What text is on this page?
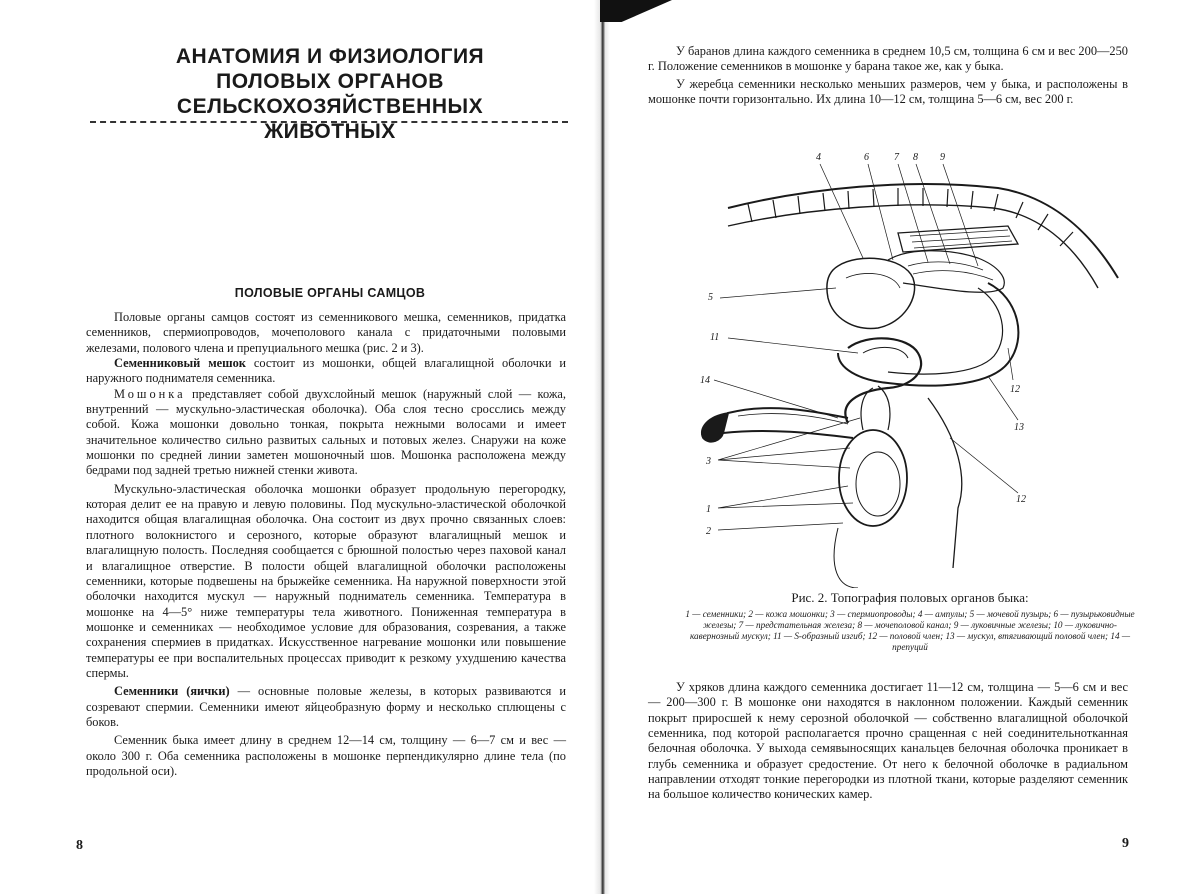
АНАТОМИЯ И ФИЗИОЛОГИЯ ПОЛОВЫХ ОРГАНОВ СЕЛЬСКОХОЗЯЙСТВЕННЫХ ЖИВОТНЫХ
ПОЛОВЫЕ ОРГАНЫ САМЦОВ

Половые органы самцов состоят из семенникового мешка, семенников, придатка семенников, спермиопроводов, мочеполового канала с придаточными половыми железами, полового члена и препуциального мешка (рис. 2 и 3).

Семенниковый мешок состоит из мошонки, общей влагалищной оболочки и наружного поднимателя семенника.

Мошонка представляет собой двухслойный мешок (наружный слой — кожа, внутренний — мускульно-эластическая оболочка). Оба слоя тесно сросслись между собой. Кожа мошонки довольно тонкая, покрыта нежными волосами и имеет значительное количество сильно развитых сальных и потовых желез. Снаружи на коже мошонки по средней линии заметен мошоночный шов. Мошонка расположена между бедрами под задней третью нижней стенки живота.

Мускульно-эластическая оболочка мошонки образует продольную перегородку, которая делит ее на правую и левую половины. Под мускульно-эластической оболочкой находится общая влагалищная оболочка. Она состоит из двух прочно связанных слоев: плотного волокнистого и серозного, которые образуют влагалищный мешок и влагалищную полость. Последняя сообщается с брюшной полостью через паховой канал и влагалищное отверстие. В полости общей влагалищной оболочки расположены семенники, которые подвешены на брыжейке семенника. На наружной поверхности этой оболочки находится мускул — наружный подниматель семенника. Температура в мошонке на 4—5° ниже температуры тела животного. Пониженная температура в мошонке и семенниках — необходимое условие для образования, созревания, а также сохранения спермиев в придатках. Искусственное нагревание мошонки или повышение температуры ее при воспалительных процессах приводит к резкому ухудшению качества спермы.

Семенники (яички) — основные половые железы, в которых развиваются и созревают спермии. Семенники имеют яйцеобразную форму и несколько сплющены с боков.

Семенник быка имеет длину в среднем 12—14 см, толщину — 6—7 см и вес — около 300 г. Оба семенника расположены в мошонке перпендикулярно длине тела (по продольной оси).

8

У баранов длина каждого семенника в среднем 10,5 см, толщина 6 см и вес 200—250 г. Положение семенников в мошонке у барана такое же, как у быка.

У жеребца семенники несколько меньших размеров, чем у быка, и расположены в мошонке почти горизонтально. Их длина 10—12 см, толщина 5—6 см, вес 200 г.

4	6	7 8 9
5
11
14
3
1
2
12
13
12
Рис. 2. Топография половых органов быка:
1 — семенники; 2 — кожа мошонки; 3 — спермиопроводы; 4 — ампулы; 5 — мочевой пузырь; 6 — пузырьковидные железы; 7 — предстательная железа; 8 — мочеполовой канал; 9 — луковичные железы; 10 — луковично-кавернозный мускул; 11 — S-образный изгиб; 12 — половой член; 13 — мускул, втягивающий половой член; 14 — препуций

У хряков длина каждого семенника достигает 11—12 см, толщина — 5—6 см и вес — 200—300 г. В мошонке они находятся в наклонном положении. Каждый семенник покрыт приросшей к нему серозной оболочкой — собственно влагалищной оболочкой семенника, под которой располагается прочно сращенная с ней соединительнотканная белочная оболочка. У выхода семявыносящих канальцев белочная оболочка проникает в глубь семенника и образует средостение. От него к белочной оболочке в радиальном направлении отходят тонкие перегородки из плотной ткани, которые разделяют семенник на большое количество конических камер.

9
